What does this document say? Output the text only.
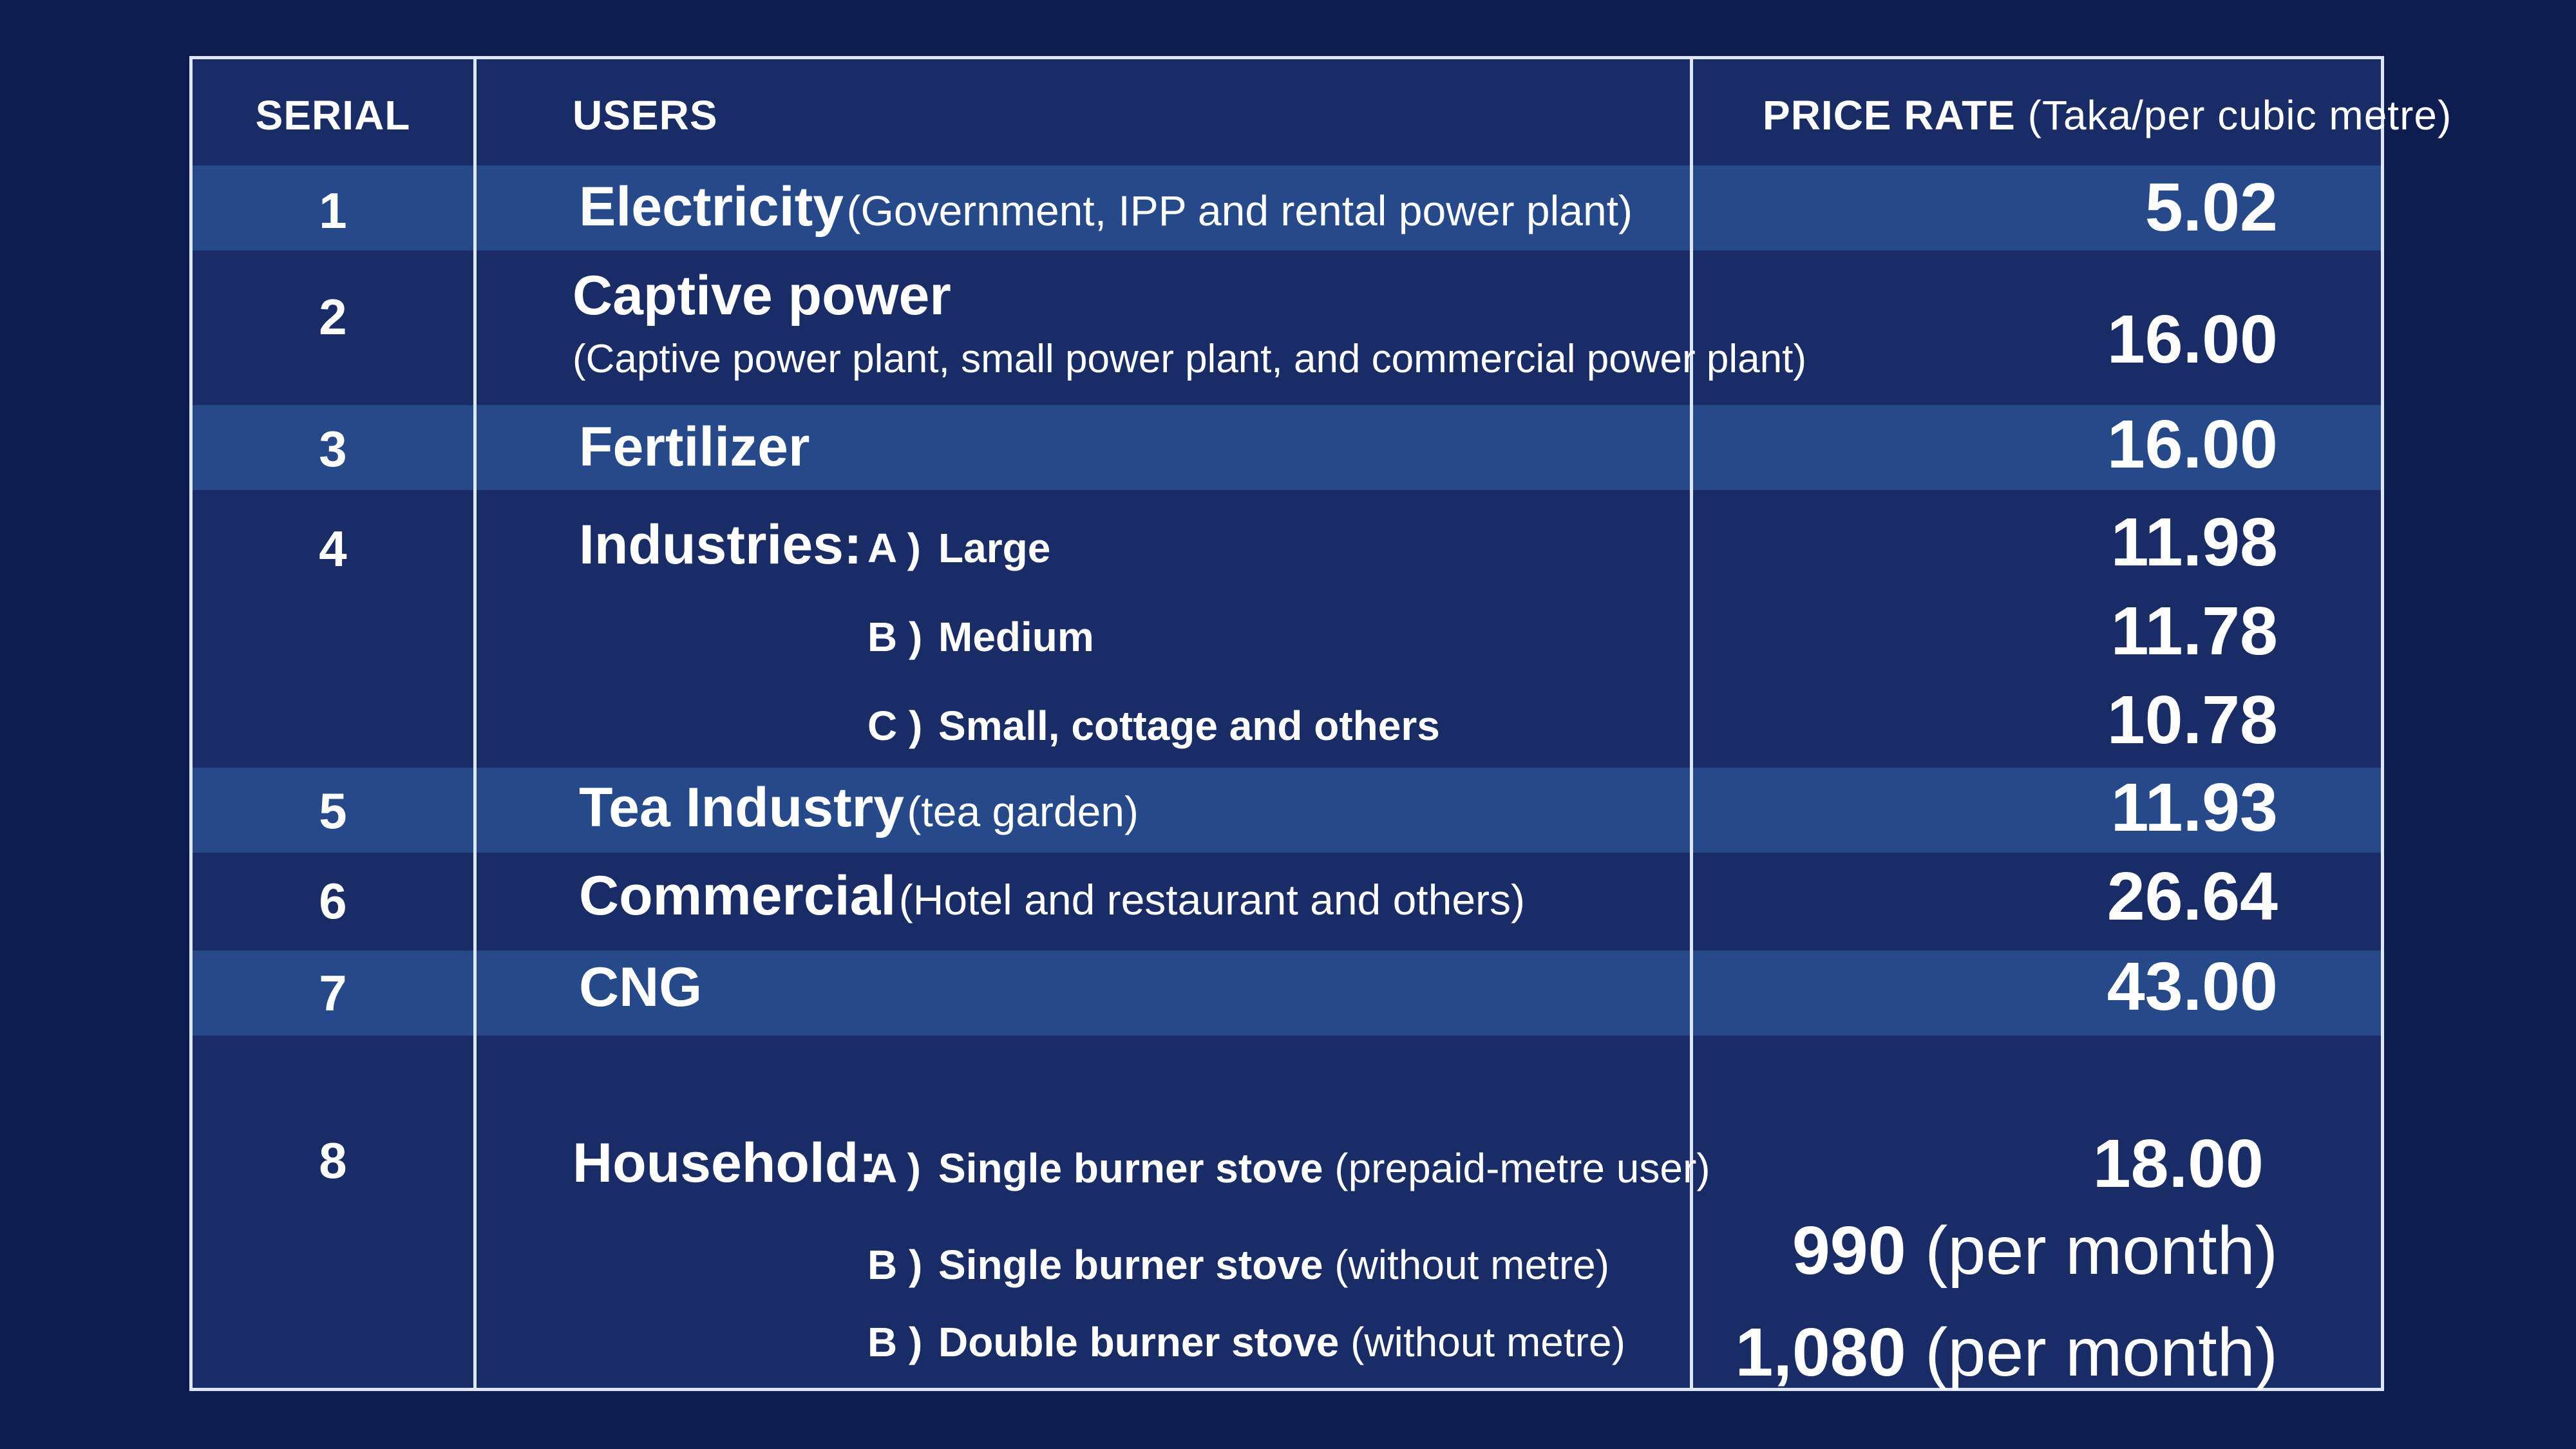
SERIAL	USERS	PRICE RATE (Taka/per cubic metre)
1	Electricity (Government, IPP and rental power plant)	5.02
2	Captive power
(Captive power plant, small power plant, and commercial power plant)	16.00
3	Fertilizer	16.00
4	Industries: A ) Large	11.98
B ) Medium	11.78
C ) Small, cottage and others	10.78
5	Tea Industry (tea garden)	11.93
6	Commercial (Hotel and restaurant and others)	26.64
7	CNG	43.00
8	Household:
A ) Single burner stove (prepaid-metre user)	18.00
B ) Single burner stove (without metre)	990 (per month)
B ) Double burner stove (without metre) 1,080 (per month)
